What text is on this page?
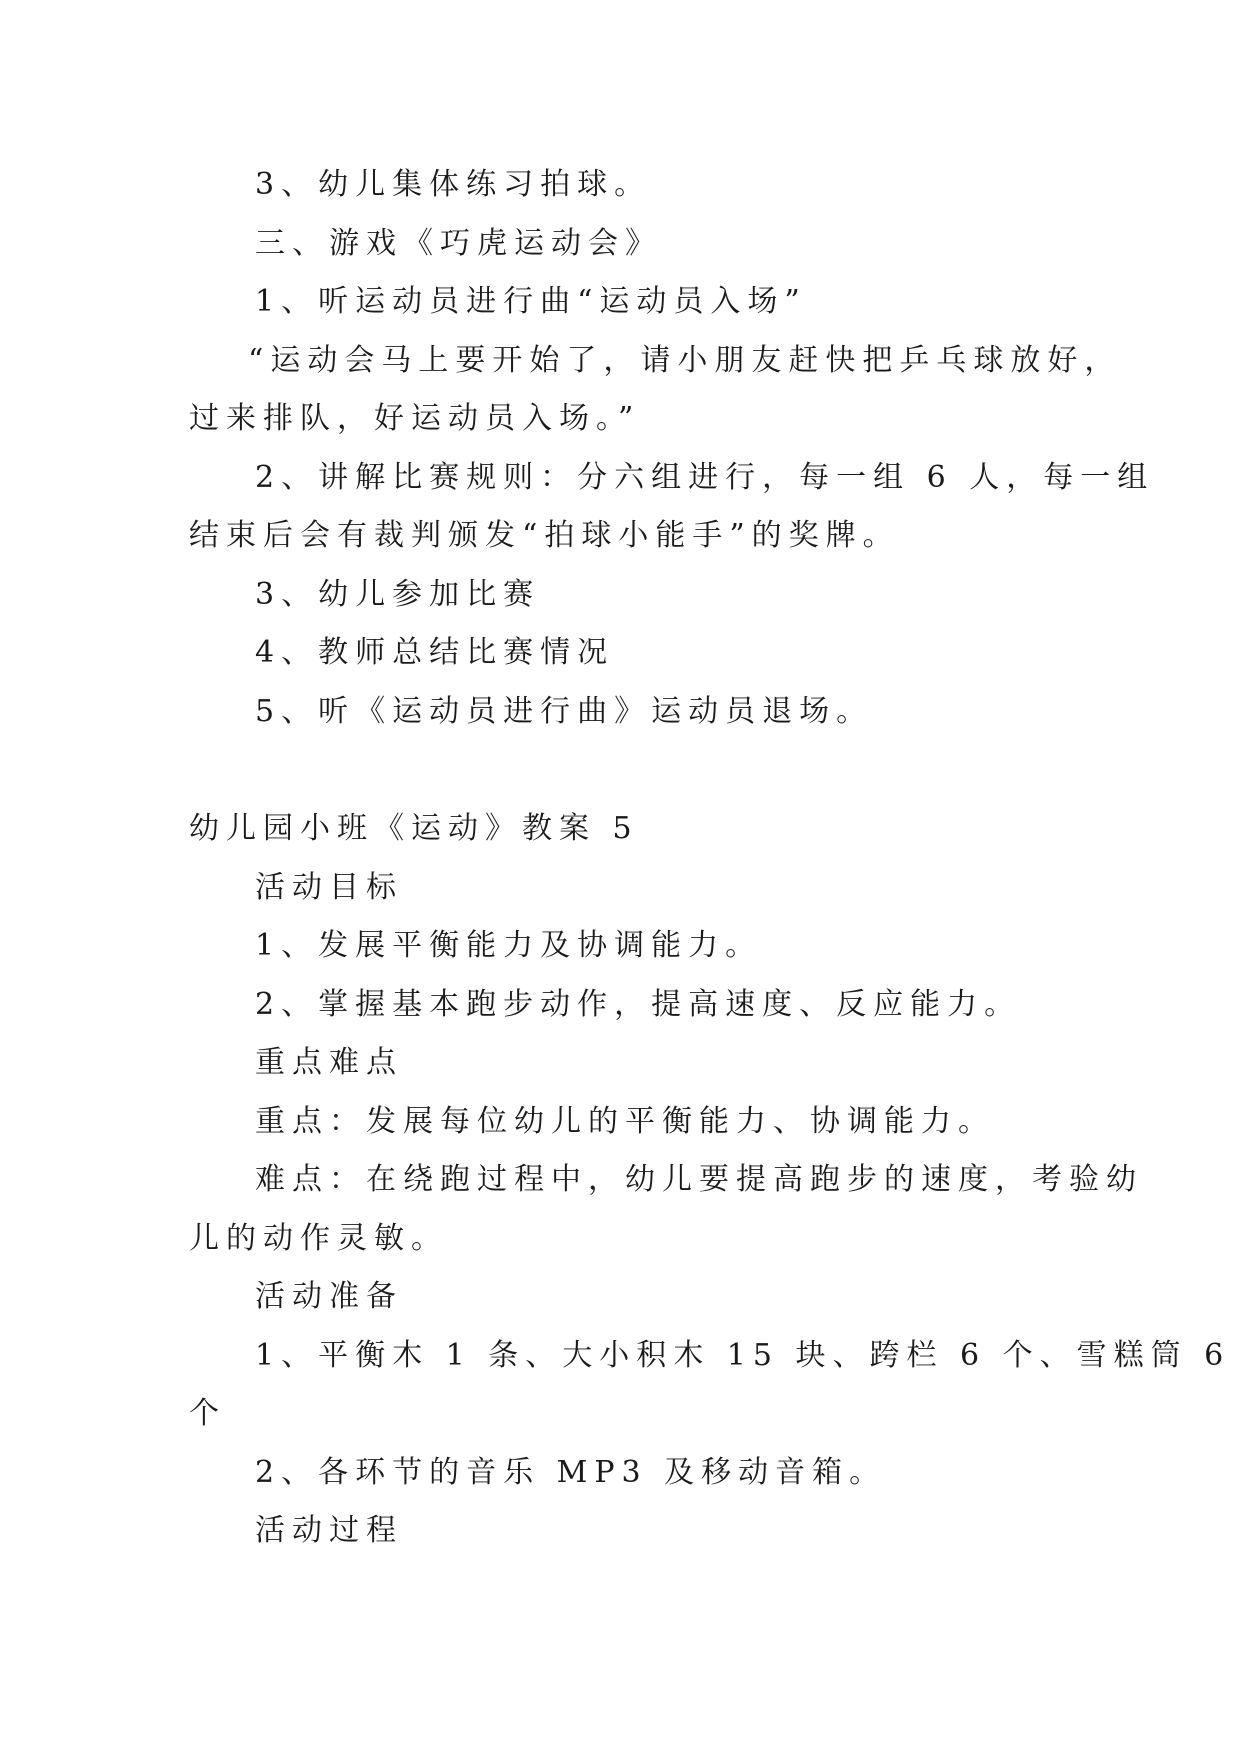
3、幼儿集体练习拍球。
三、游戏《巧虎运动会》
1、听运动员进行曲“运动员入场”
“运动会马上要开始了，请小朋友赶快把乒乓球放好，
过来排队，好运动员入场。”
2、讲解比赛规则：分六组进行，每一组 6 人，每一组
结束后会有裁判颁发“拍球小能手”的奖牌。
3、幼儿参加比赛
4、教师总结比赛情况
5、听《运动员进行曲》运动员退场。
幼儿园小班《运动》教案 5
活动目标
1、发展平衡能力及协调能力。
2、掌握基本跑步动作，提高速度、反应能力。
重点难点
重点：发展每位幼儿的平衡能力、协调能力。
难点：在绕跑过程中，幼儿要提高跑步的速度，考验幼
儿的动作灵敏。
活动准备
1、平衡木 1 条、大小积木 15 块、跨栏 6 个、雪糕筒 6
个
2、各环节的音乐 MP3 及移动音箱。
活动过程
